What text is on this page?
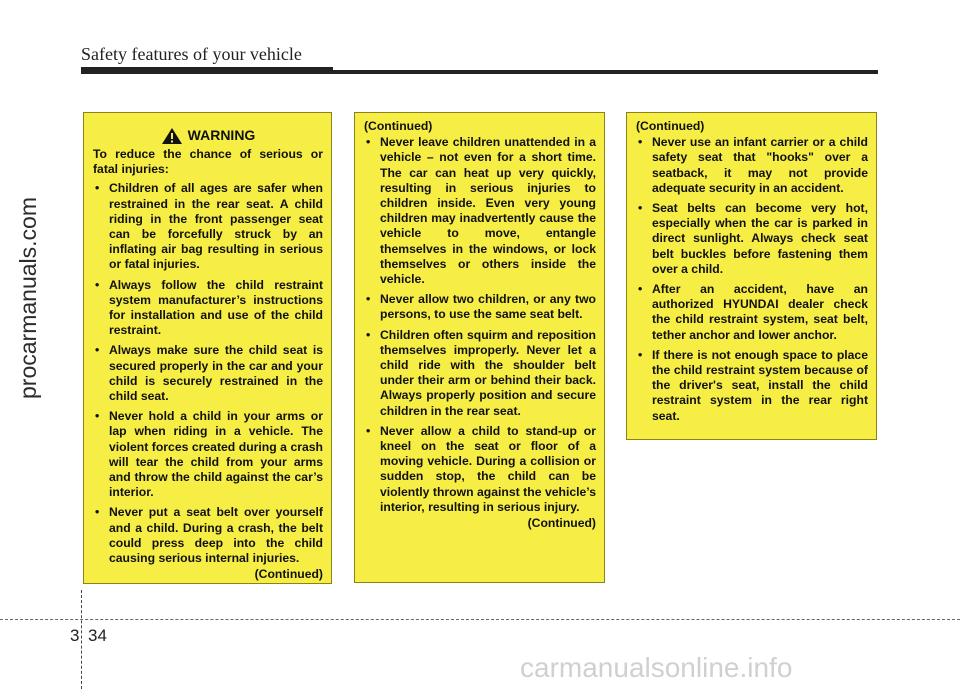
Safety features of your vehicle
procarmanuals.com
WARNING

To reduce the chance of serious or fatal injuries:

• Children of all ages are safer when restrained in the rear seat. A child riding in the front passenger seat can be forcefully struck by an inflating air bag resulting in serious or fatal injuries.
• Always follow the child restraint system manufacturer’s instructions for installation and use of the child restraint.
• Always make sure the child seat is secured properly in the car and your child is securely restrained in the child seat.
• Never hold a child in your arms or lap when riding in a vehicle. The violent forces created during a crash will tear the child from your arms and throw the child against the car’s interior.
• Never put a seat belt over yourself and a child. During a crash, the belt could press deep into the child causing serious internal injuries.
(Continued)
(Continued)
• Never leave children unattended in a vehicle – not even for a short time. The car can heat up very quickly, resulting in serious injuries to children inside. Even very young children may inadvertently cause the vehicle to move, entangle themselves in the windows, or lock themselves or others inside the vehicle.
• Never allow two children, or any two persons, to use the same seat belt.
• Children often squirm and reposition themselves improperly. Never let a child ride with the shoulder belt under their arm or behind their back. Always properly position and secure children in the rear seat.
• Never allow a child to stand-up or kneel on the seat or floor of a moving vehicle. During a collision or sudden stop, the child can be violently thrown against the vehicle’s interior, resulting in serious injury.
(Continued)
(Continued)
• Never use an infant carrier or a child safety seat that "hooks" over a seatback, it may not provide adequate security in an accident.
• Seat belts can become very hot, especially when the car is parked in direct sunlight. Always check seat belt buckles before fastening them over a child.
• After an accident, have an authorized HYUNDAI dealer check the child restraint system, seat belt, tether anchor and lower anchor.
• If there is not enough space to place the child restraint system because of the driver's seat, install the child restraint system in the rear right seat.
3 34
carmanualsonline.info
